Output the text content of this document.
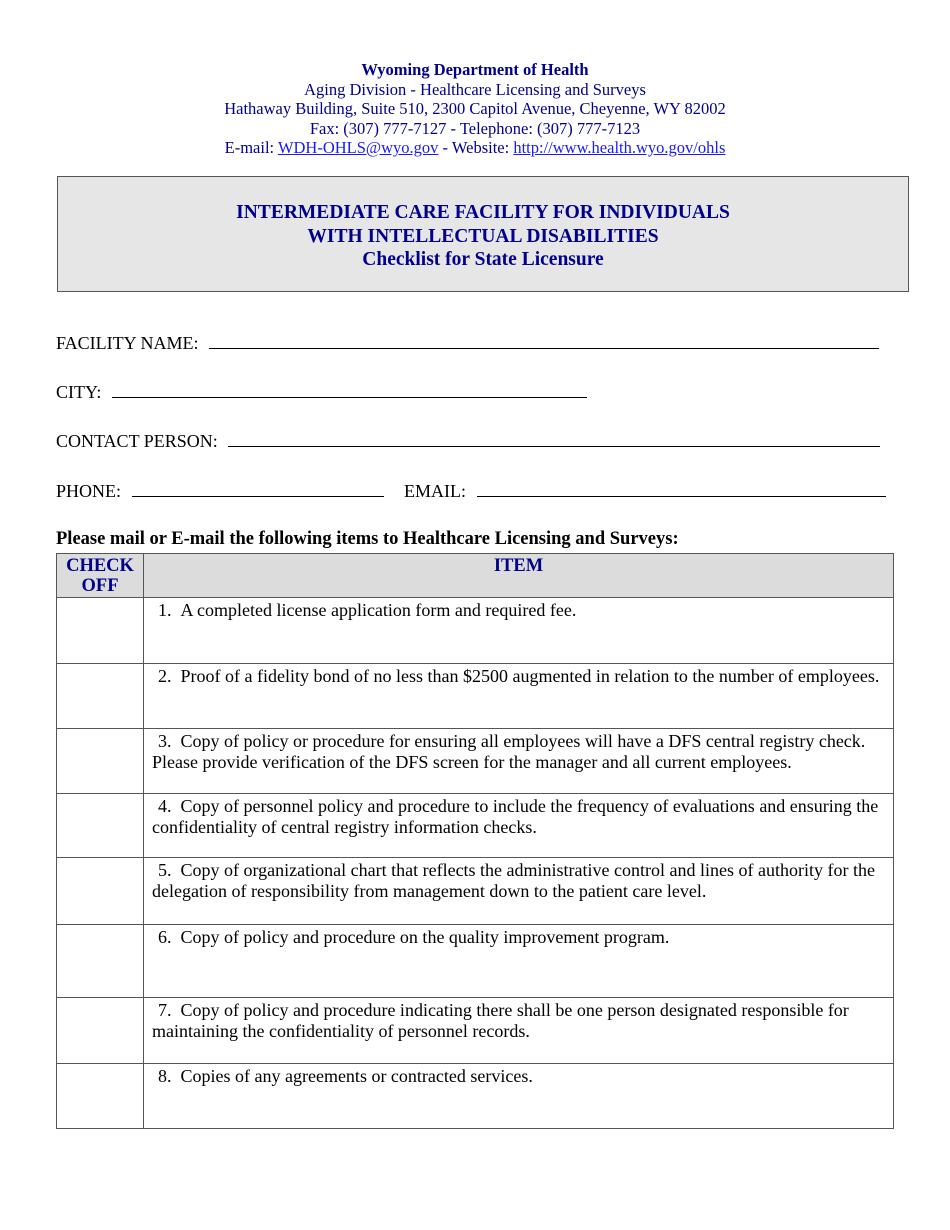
Wyoming Department of Health
Aging Division - Healthcare Licensing and Surveys
Hathaway Building, Suite 510, 2300 Capitol Avenue, Cheyenne, WY 82002
Fax: (307) 777-7127 - Telephone: (307) 777-7123
E-mail: WDH-OHLS@wyo.gov - Website: http://www.health.wyo.gov/ohls
INTERMEDIATE CARE FACILITY FOR INDIVIDUALS
WITH INTELLECTUAL DISABILITIES
Checklist for State Licensure
FACILITY NAME:
CITY:
CONTACT PERSON:
PHONE:	EMAIL:
Please mail or E-mail the following items to Healthcare Licensing and Surveys:
CHECK
OFF	ITEM
	1. A completed license application form and required fee.
	2. Proof of a fidelity bond of no less than $2500 augmented in relation to the number of employees.
	3. Copy of policy or procedure for ensuring all employees will have a DFS central registry check. Please provide verification of the DFS screen for the manager and all current employees.
	4. Copy of personnel policy and procedure to include the frequency of evaluations and ensuring the confidentiality of central registry information checks.
	5. Copy of organizational chart that reflects the administrative control and lines of authority for the delegation of responsibility from management down to the patient care level.
	6. Copy of policy and procedure on the quality improvement program.
	7. Copy of policy and procedure indicating there shall be one person designated responsible for maintaining the confidentiality of personnel records.
	8. Copies of any agreements or contracted services.
